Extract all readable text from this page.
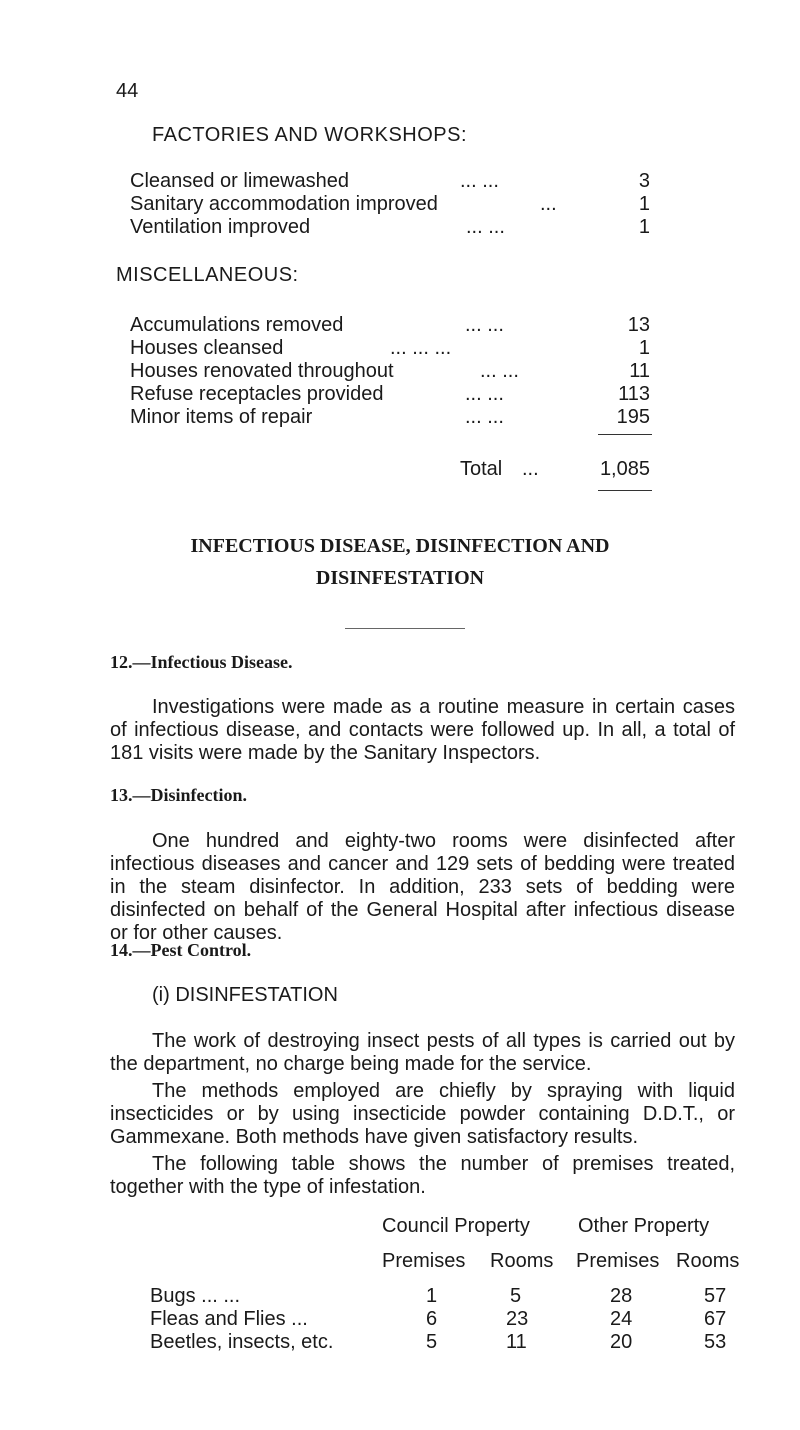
44
FACTORIES AND WORKSHOPS:
Cleansed or limewashed	... ...	3
Sanitary accommodation improved	...	1
Ventilation improved	... ...	1
MISCELLANEOUS:
Accumulations removed	... ...	13
Houses cleansed	... ... ...	1
Houses renovated throughout	... ...	11
Refuse receptacles provided	... ...	113
Minor items of repair	... ...	195
Total ...	1,085
INFECTIOUS DISEASE, DISINFECTION AND
DISINFESTATION
12.—Infectious Disease.
Investigations were made as a routine measure in certain cases of infectious disease, and contacts were followed up. In all, a total of 181 visits were made by the Sanitary Inspectors.
13.—Disinfection.
One hundred and eighty-two rooms were disinfected after infectious diseases and cancer and 129 sets of bedding were treated in the steam disinfector. In addition, 233 sets of bedding were disinfected on behalf of the General Hospital after infectious disease or for other causes.
14.—Pest Control.
(i) DISINFESTATION
The work of destroying insect pests of all types is carried out by the department, no charge being made for the service.
The methods employed are chiefly by spraying with liquid insecticides or by using insecticide powder containing D.D.T., or Gammexane. Both methods have given satisfactory results.
The following table shows the number of premises treated, together with the type of infestation.
Council Property Other Property
Premises Rooms Premises Rooms
Bugs ... ...	1	5	28	57
Fleas and Flies ...	6	23	24	67
Beetles, insects, etc.	5	11	20	53
